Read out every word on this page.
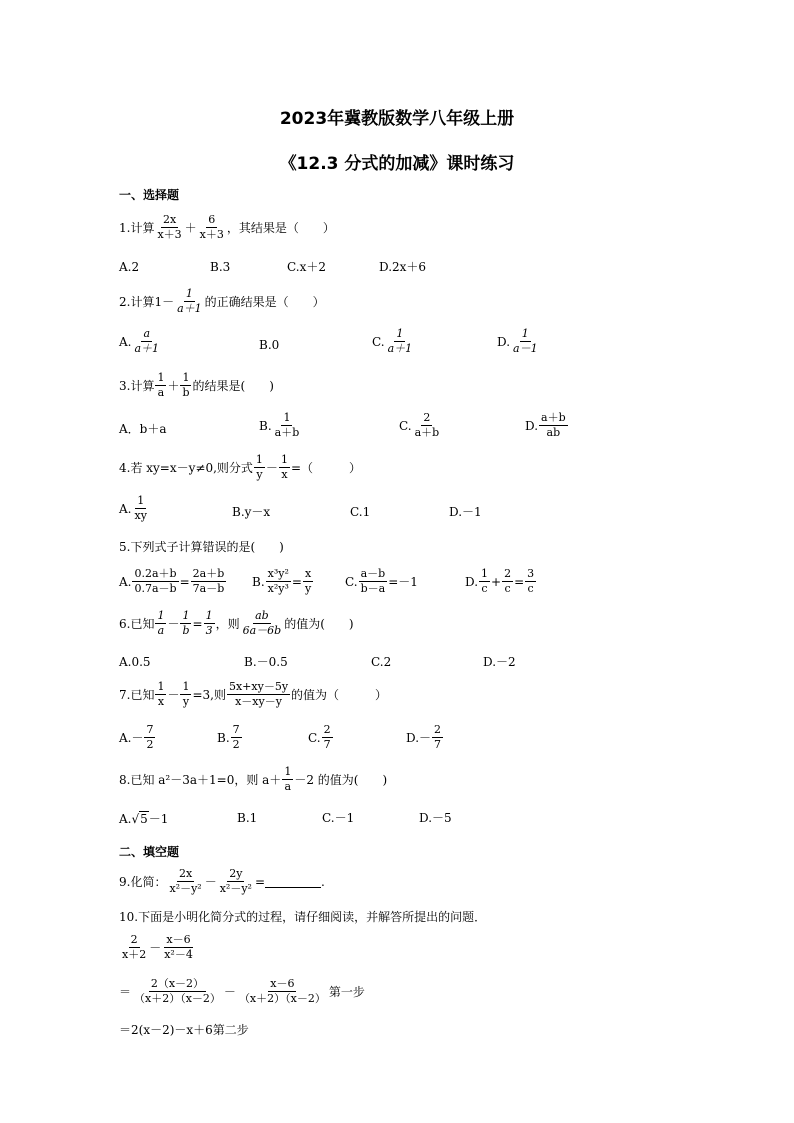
2023年冀教版数学八年级上册
《12.3 分式的加减》课时练习
一、选择题
1.计算 $\frac{2x}{x+3} + \frac{6}{x+3}$ ，其结果是（　　）
A.2	B.3	C.x＋2	D.2x＋6
2.计算 $1- \frac{1}{a+1}$ 的正确结果是（　　）
A. $\frac{a}{a+1}$	B.0	C. $\frac{1}{a+1}$	D. $\frac{1}{a-1}$
3.计算 $\frac{1}{a} + \frac{1}{b}$ 的结果是(　　)
A．b＋a	B. $\frac{1}{a+b}$	C. $\frac{2}{a+b}$	D. $\frac{a+b}{ab}$
4.若 xy=x－y≠0,则分式 $\frac{1}{y} - \frac{1}{x}$ =（　　　）
A. $\frac{1}{xy}$	B.y－x	C.1	D.－1
5.下列式子计算错误的是(　　)
A. $\frac{0.2a+b}{0.7a-b} = \frac{2a+b}{7a-b} B$. $\frac{\text{x³y²}}{\text{x²y³}} = \frac{x}{y}$	C. $\frac{a-b}{b-a} =-1$	D. $\frac{1}{c} + \frac{2}{c} = \frac{3}{c}$
6.已知 $\frac{1}{a} - \frac{1}{b} = \frac{1}{3}$ ，则 $\frac{ab}{6a-6b}$ 的值为(　　)
A.0.5	B.－0.5	C.2	D.－2
7.已知 $\frac{1}{x} - \frac{1}{y} =3$,则 $\frac{5x+xy-5y}{x-xy-y}$ 的值为（　　　）
$A.- \frac{7}{2}$	B. $\frac{7}{2}$	C. $\frac{2}{7}$	$D.- \frac{2}{7}$
8.已知 a²－3a＋1=0，则 $a+ \frac{1}{a} -2$ 的值为(　　)
A. √ 5 －1	B.1	C.－1	D.－5
二、填空题
9.化简： $\frac{2x}{\text{x²－y²}} - \frac{2y}{\text{x²－y²}}$ =	.
10.下面是小明化简分式的过程，请仔细阅读，并解答所提出的问题．
$\frac{2}{x+2} - \frac{x-6}{\text{x²－4}}$
＝ $\frac{2(x-2)}{(x+2)(x-2)} - \frac{x-6}{(x+2)(x-2)}$ 第一步
＝2(x－2)－x＋6第二步
